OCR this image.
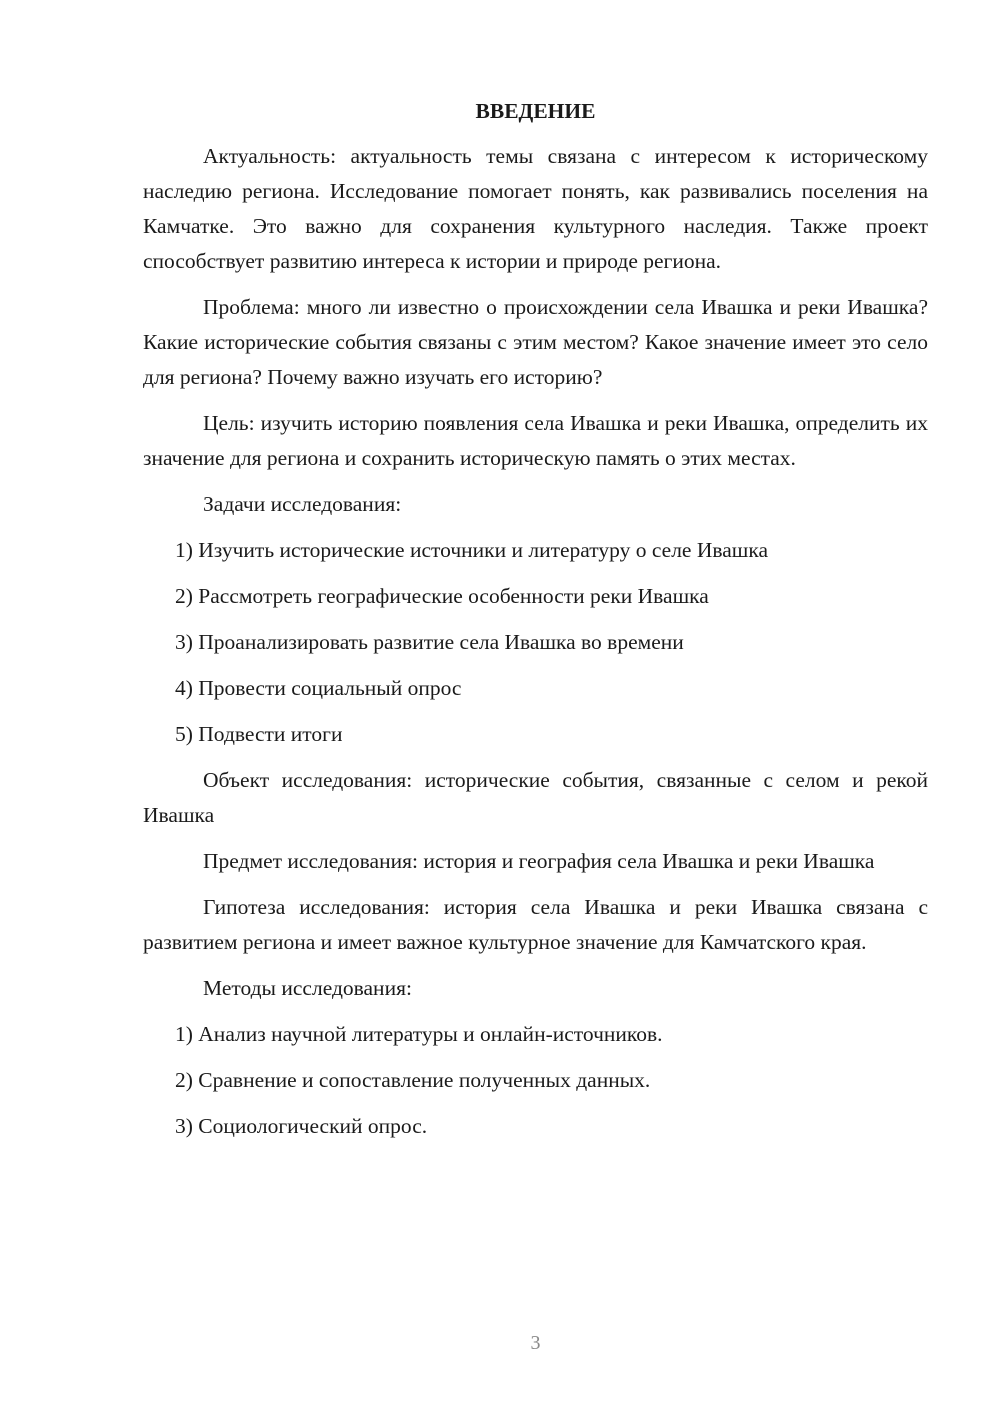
ВВЕДЕНИЕ

Актуальность: актуальность темы связана с интересом к историческому наследию региона. Исследование помогает понять, как развивались поселения на Камчатке. Это важно для сохранения культурного наследия. Также проект способствует развитию интереса к истории и природе региона.

Проблема: много ли известно о происхождении села Ивашка и реки Ивашка? Какие исторические события связаны с этим местом? Какое значение имеет это село для региона? Почему важно изучать его историю?

Цель: изучить историю появления села Ивашка и реки Ивашка, определить их значение для региона и сохранить историческую память о этих местах.

Задачи исследования:

1) Изучить исторические источники и литературу о селе Ивашка
2) Рассмотреть географические особенности реки Ивашка
3) Проанализировать развитие села Ивашка во времени
4) Провести социальный опрос
5) Подвести итоги

Объект исследования: исторические события, связанные с селом и рекой Ивашка

Предмет исследования: история и география села Ивашка и реки Ивашка

Гипотеза исследования: история села Ивашка и реки Ивашка связана с развитием региона и имеет важное культурное значение для Камчатского края.

Методы исследования:

1) Анализ научной литературы и онлайн-источников.
2) Сравнение и сопоставление полученных данных.
3) Социологический опрос.
3
